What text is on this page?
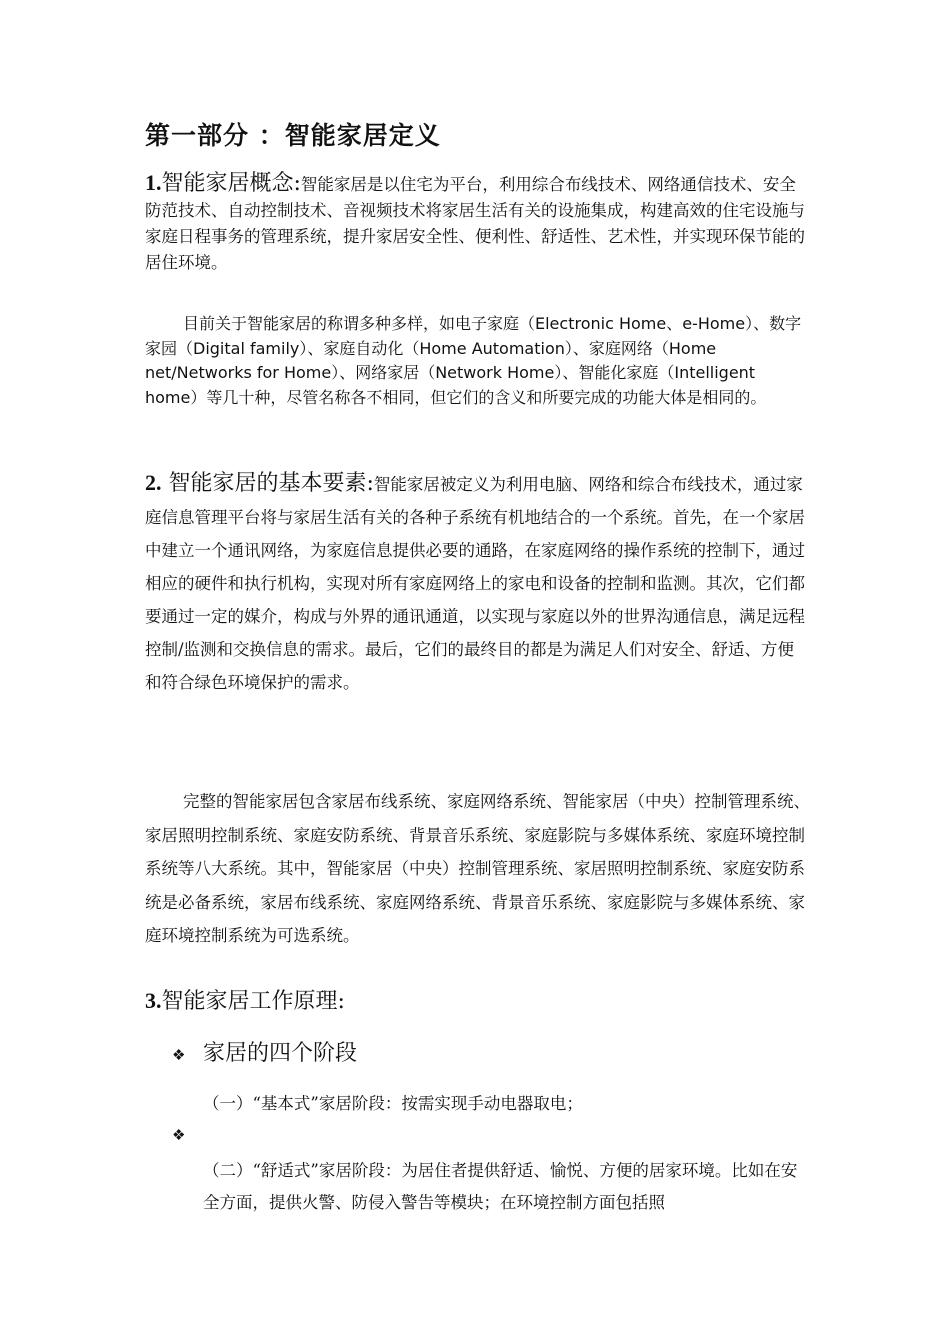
第一部分 ：智能家居定义

1.智能家居概念:智能家居是以住宅为平台，利用综合布线技术、网络通信技术、安全防范技术、自动控制技术、音视频技术将家居生活有关的设施集成，构建高效的住宅设施与家庭日程事务的管理系统，提升家居安全性、便利性、舒适性、艺术性，并实现环保节能的居住环境。

目前关于智能家居的称谓多种多样，如电子家庭（Electronic Home、e-Home）、数字家园（Digital family）、家庭自动化（Home Automation）、家庭网络（Home net/Networks for Home）、网络家居（Network Home）、智能化家庭（Intelligent home）等几十种，尽管名称各不相同，但它们的含义和所要完成的功能大体是相同的。

2. 智能家居的基本要素:智能家居被定义为利用电脑、网络和综合布线技术，通过家庭信息管理平台将与家居生活有关的各种子系统有机地结合的一个系统。首先，在一个家居中建立一个通讯网络，为家庭信息提供必要的通路，在家庭网络的操作系统的控制下，通过相应的硬件和执行机构，实现对所有家庭网络上的家电和设备的控制和监测。其次，它们都要通过一定的媒介，构成与外界的通讯通道，以实现与家庭以外的世界沟通信息，满足远程控制/监测和交换信息的需求。最后，它们的最终目的都是为满足人们对安全、舒适、方便和符合绿色环境保护的需求。

完整的智能家居包含家居布线系统、家庭网络系统、智能家居（中央）控制管理系统、家居照明控制系统、家庭安防系统、背景音乐系统、家庭影院与多媒体系统、家庭环境控制系统等八大系统。其中，智能家居（中央）控制管理系统、家居照明控制系统、家庭安防系统是必备系统，家居布线系统、家庭网络系统、背景音乐系统、家庭影院与多媒体系统、家庭环境控制系统为可选系统。

3.智能家居工作原理:
❖ 家居的四个阶段
（一）“基本式”家居阶段：按需实现手动电器取电；
❖
（二）“舒适式”家居阶段：为居住者提供舒适、愉悦、方便的居家环境。比如在安全方面，提供火警、防侵入警告等模块；在环境控制方面包括照
